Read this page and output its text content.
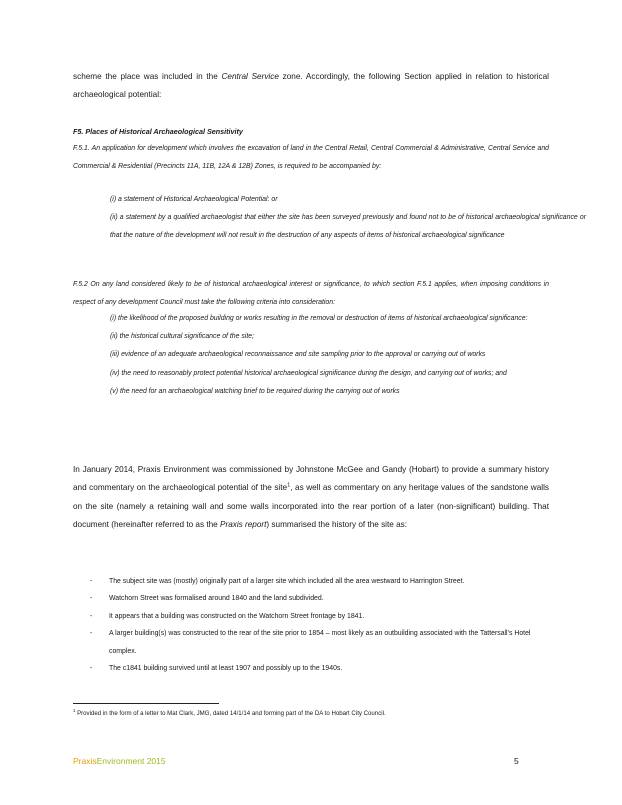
scheme the place was included in the Central Service zone. Accordingly, the following Section applied in relation to historical archaeological potential:

F5. Places of Historical Archaeological Sensitivity

F.5.1. An application for development which involves the excavation of land in the Central Retail, Central Commercial & Administrative, Central Service and Commercial & Residential (Precincts 11A, 11B, 12A & 12B) Zones, is required to be accompanied by:

(i) a statement of Historical Archaeological Potential: or

(ii) a statement by a qualified archaeologist that either the site has been surveyed previously and found not to be of historical archaeological significance or that the nature of the development will not result in the destruction of any aspects of items of historical archaeological significance

F.5.2 On any land considered likely to be of historical archaeological interest or significance, to which section F.5.1 applies, when imposing conditions in respect of any development Council must take the following criteria into consideration:

(i) the likelihood of the proposed building or works resulting in the removal or destruction of items of historical archaeological significance:

(ii) the historical cultural significance of the site;

(iii) evidence of an adequate archaeological reconnaissance and site sampling prior to the approval or carrying out of works

(iv) the need to reasonably protect potential historical archaeological significance during the design, and carrying out of works; and

(v) the need for an archaeological watching brief to be required during the carrying out of works

In January 2014, Praxis Environment was commissioned by Johnstone McGee and Gandy (Hobart) to provide a summary history and commentary on the archaeological potential of the site$^1$, as well as commentary on any heritage values of the sandstone walls on the site (namely a retaining wall and some walls incorporated into the rear portion of a later (non-significant) building. That document (hereinafter referred to as the Praxis report) summarised the history of the site as:

- The subject site was (mostly) originally part of a larger site which included all the area westward to Harrington Street.
- Watchorn Street was formalised around 1840 and the land subdivided.
- It appears that a building was constructed on the Watchorn Street frontage by 1841.
- A larger building(s) was constructed to the rear of the site prior to 1854 – most likely as an outbuilding associated with the Tattersall’s Hotel complex.
- The c1841 building survived until at least 1907 and possibly up to the 1940s.

$^1$ Provided in the form of a letter to Mat Clark, JMG, dated 14/1/14 and forming part of the DA to Hobart City Council.

PraxisEnvironment 2015	5
